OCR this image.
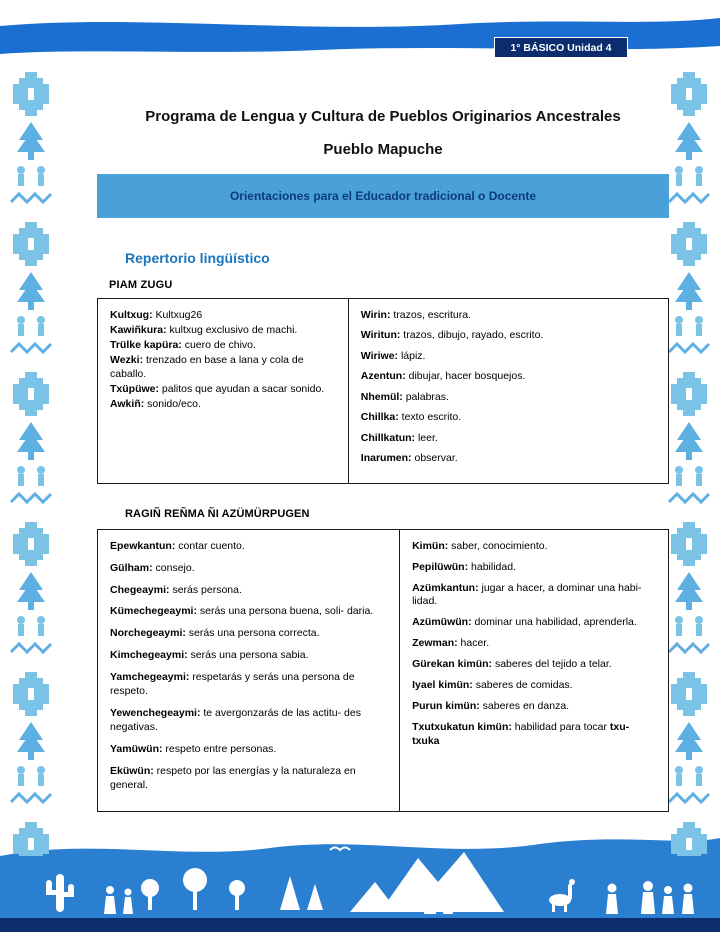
1° BÁSICO Unidad 4
Programa de Lengua y Cultura de Pueblos Originarios Ancestrales
Pueblo Mapuche
Orientaciones para el Educador tradicional o Docente
Repertorio lingüístico
PIAM ZUGU

Kultxug: Kultxug26

Kawiñkura: kultxug exclusivo de machi.

Trülke kapüra: cuero de chivo.

Wezki: trenzado en base a lana y cola de caballo.

Txüpüwe: palitos que ayudan a sacar sonido.

Awkiñ: sonido/eco.

Wirin: trazos, escritura.

Wiritun: trazos, dibujo, rayado, escrito.

Wiriwe: lápiz.

Azentun: dibujar, hacer bosquejos.

Nhemül: palabras.

Chillka: texto escrito.

Chillkatun: leer.

Inarumen: observar.

RAGIÑ REÑMA ÑI AZÜMÜRPUGEN

Epewkantun: contar cuento.

Gülham: consejo.

Chegeaymi: serás persona.

Kümechegeaymi: serás una persona buena, soli- daria.

Norchegeaymi: serás una persona correcta.

Kimchegeaymi: serás una persona sabia.

Yamchegeaymi: respetarás y serás una persona de respeto.

Yewenchegeaymi: te avergonzarás de las actitu- des negativas.

Yamüwün: respeto entre personas.

Eküwün: respeto por las energías y la naturaleza en general.

Kimün: saber, conocimiento.

Pepilüwün: habilidad.

Azümkantun: jugar a hacer, a dominar una habi- lidad.

Azümüwün: dominar una habilidad, aprenderla.

Zewman: hacer.

Gürekan kimün: saberes del tejido a telar.

Iyael kimün: saberes de comidas.

Purun kimün: saberes en danza.

Txutxukatun kimün: habilidad para tocar txu- txuka
